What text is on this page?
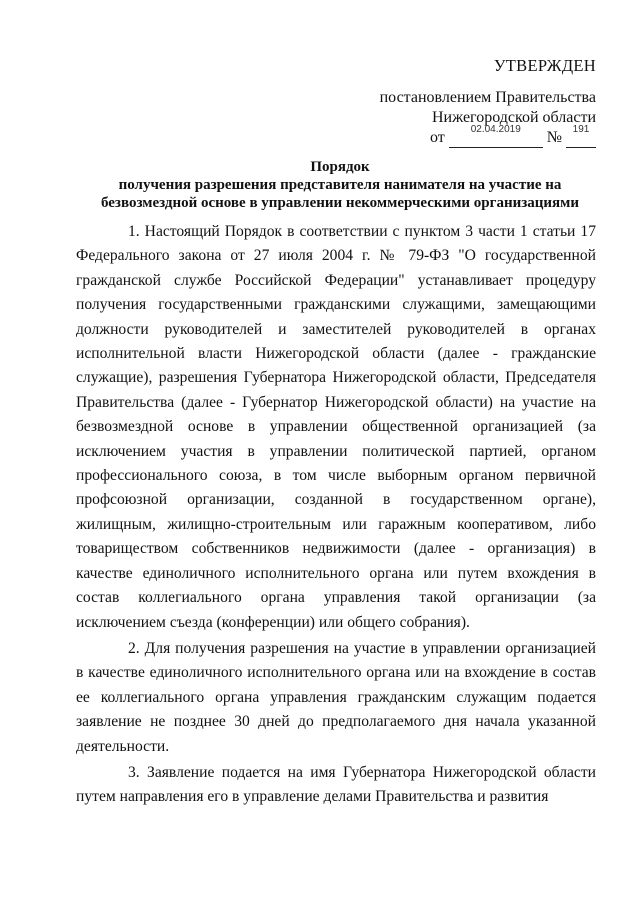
УТВЕРЖДЕН
постановлением Правительства
Нижегородской области
от	02.04.2019	№	191
Порядок
получения разрешения представителя нанимателя на участие на
безвозмездной основе в управлении некоммерческими организациями

1. Настоящий Порядок в соответствии с пунктом 3 части 1 статьи 17 Федерального закона от 27 июля 2004 г. № 79-ФЗ "О государственной гражданской службе Российской Федерации" устанавливает процедуру получения государственными гражданскими служащими, замещающими должности руководителей и заместителей руководителей в органах исполнительной власти Нижегородской области (далее - гражданские служащие), разрешения Губернатора Нижегородской области, Председателя Правительства (далее - Губернатор Нижегородской области) на участие на безвозмездной основе в управлении общественной организацией (за исключением участия в управлении политической партией, органом профессионального союза, в том числе выборным органом первичной профсоюзной организации, созданной в государственном органе), жилищным, жилищно-строительным или гаражным кооперативом, либо товариществом собственников недвижимости (далее - организация) в качестве единоличного исполнительного органа или путем вхождения в состав коллегиального органа управления такой организации (за исключением съезда (конференции) или общего собрания).

2. Для получения разрешения на участие в управлении организацией в качестве единоличного исполнительного органа или на вхождение в состав ее коллегиального органа управления гражданским служащим подается заявление не позднее 30 дней до предполагаемого дня начала указанной деятельности.

3. Заявление подается на имя Губернатора Нижегородской области путем направления его в управление делами Правительства и развития
